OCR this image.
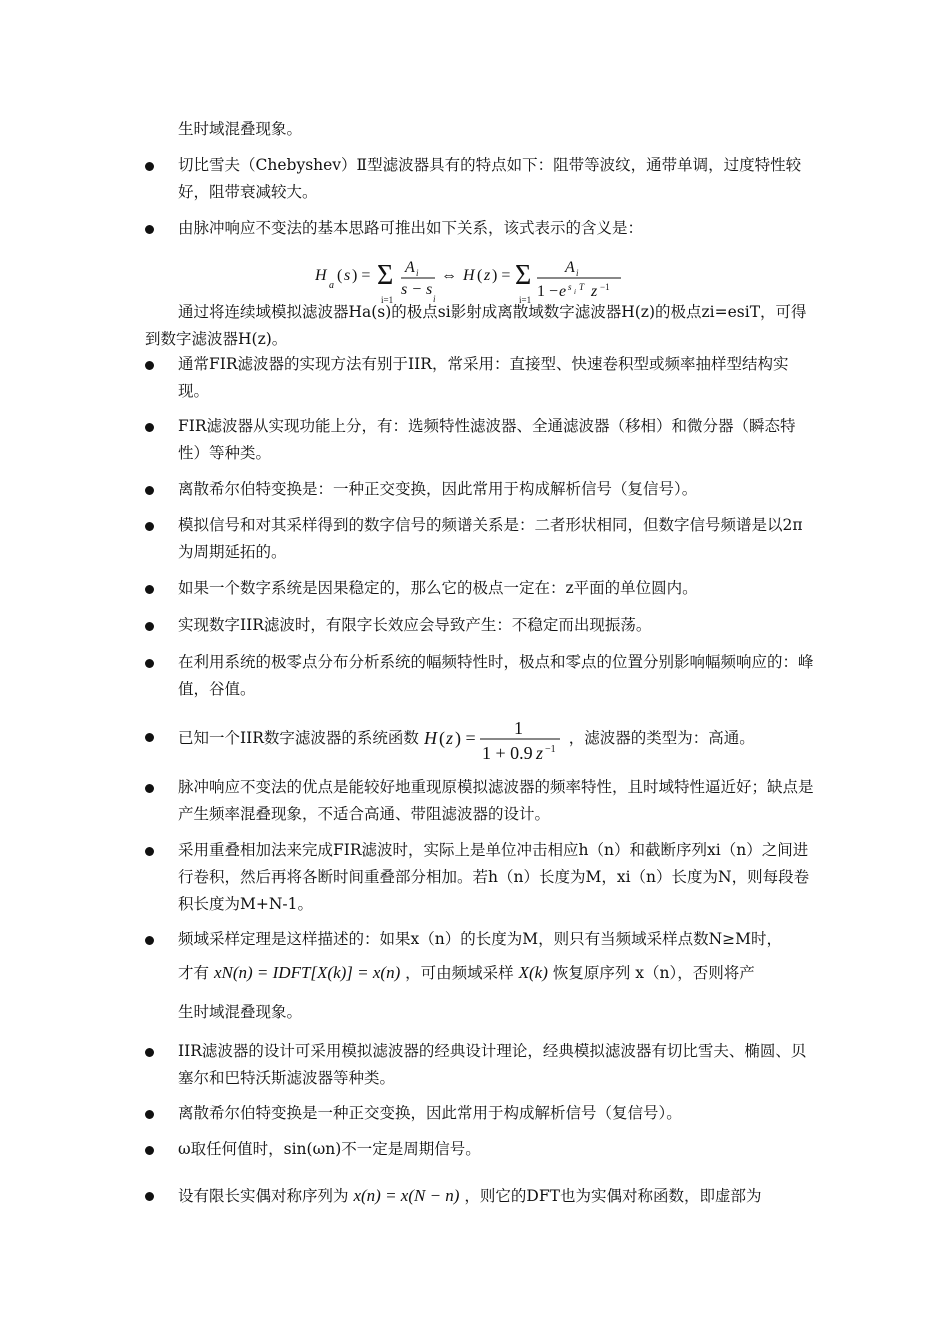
生时域混叠现象。
切比雪夫（Chebyshev）Ⅱ型滤波器具有的特点如下：阻带等波纹，通带单调，过度特性较好，阻带衰减较大。
由脉冲响应不变法的基本思路可推出如下关系，该式表示的含义是：
H
a
( s ) = Σ
i=1
A i
s − s
i
⇔ H ( z ) = Σ
i=1
A i
1 − e s i T z −1
通过将连续域模拟滤波器Ha(s)的极点si影射成离散域数字滤波器H(z)的极点zi=esiT，可得到数字滤波器H(z)。
通常FIR滤波器的实现方法有别于IIR，常采用：直接型、快速卷积型或频率抽样型结构实现。
FIR滤波器从实现功能上分，有：选频特性滤波器、全通滤波器（移相）和微分器（瞬态特性）等种类。
离散希尔伯特变换是：一种正交变换，因此常用于构成解析信号（复信号）。
模拟信号和对其采样得到的数字信号的频谱关系是：二者形状相同，但数字信号频谱是以2π为周期延拓的。
如果一个数字系统是因果稳定的，那么它的极点一定在：z平面的单位圆内。
实现数字IIR滤波时，有限字长效应会导致产生：不稳定而出现振荡。
在利用系统的极零点分布分析系统的幅频特性时，极点和零点的位置分别影响幅频响应的：峰值，谷值。
已知一个IIR数字滤波器的系统函数 H ( z ) = 1
1 + 0.9 z −1
，滤波器的类型为：高通。
脉冲响应不变法的优点是能较好地重现原模拟滤波器的频率特性，且时域特性逼近好；缺点是产生频率混叠现象，不适合高通、带阻滤波器的设计。
采用重叠相加法来完成FIR滤波时，实际上是单位冲击相应h（n）和截断序列xi（n）之间进行卷积，然后再将各断时间重叠部分相加。若h（n）长度为M，xi（n）长度为N，则每段卷积长度为M+N-1。
频域采样定理是这样描述的：如果x（n）的长度为M，则只有当频域采样点数N≥M时，
才有 xN(n) = IDFT[X(k)] = x(n) ，可由频域采样 X(k) 恢复原序列 x（n），否则将产
生时域混叠现象。
IIR滤波器的设计可采用模拟滤波器的经典设计理论，经典模拟滤波器有切比雪夫、椭圆、贝塞尔和巴特沃斯滤波器等种类。
离散希尔伯特变换是一种正交变换，因此常用于构成解析信号（复信号）。
ω取任何值时，sin(ωn)不一定是周期信号。
设有限长实偶对称序列为 x(n) = x(N − n) ，则它的DFT也为实偶对称函数，即虚部为
